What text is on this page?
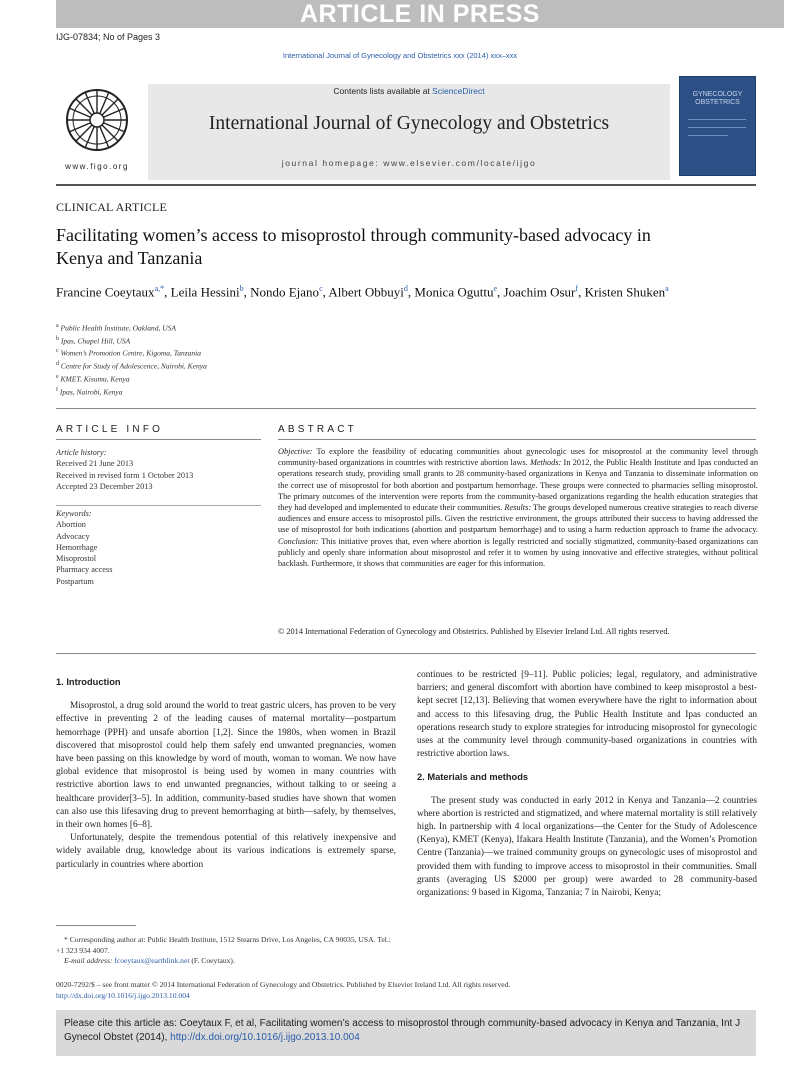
ARTICLE IN PRESS
IJG-07834; No of Pages 3
International Journal of Gynecology and Obstetrics xxx (2014) xxx–xxx
www.figo.org
Contents lists available at ScienceDirect
International Journal of Gynecology and Obstetrics
journal homepage: www.elsevier.com/locate/ijgo
GYNECOLOGY OBSTETRICS
CLINICAL ARTICLE
Facilitating women’s access to misoprostol through community-based advocacy in Kenya and Tanzania
Francine Coeytaux$^{a,*}$, Leila Hessini$^b$, Nondo Ejano$^c$, Albert Obbuyi$^d$, Monica Oguttu$^e$, Joachim Osur$^f$, Kristen Shuken$^a$
$^a$ Public Health Institute, Oakland, USA
$^b$ Ipas, Chapel Hill, USA
$^c$ Women’s Promotion Centre, Kigoma, Tanzania
$^d$ Centre for Study of Adolescence, Nairobi, Kenya
$^e$ KMET, Kisumu, Kenya
$^f$ Ipas, Nairobi, Kenya
ARTICLE INFO	ABSTRACT
Article history:
Received 21 June 2013
Received in revised form 1 October 2013
Accepted 23 December 2013
Keywords:
Abortion
Advocacy
Hemorrhage
Misoprostol
Pharmacy access
Postpartum
Objective: To explore the feasibility of educating communities about gynecologic uses for misoprostol at the community level through community-based organizations in countries with restrictive abortion laws. Methods: In 2012, the Public Health Institute and Ipas conducted an operations research study, providing small grants to 28 community-based organizations in Kenya and Tanzania to disseminate information on the correct use of misoprostol for both abortion and postpartum hemorrhage. These groups were connected to pharmacies selling misoprostol. The primary outcomes of the intervention were reports from the community-based organizations regarding the health education strategies that they had developed and implemented to educate their communities. Results: The groups developed numerous creative strategies to reach diverse audiences and ensure access to misoprostol pills. Given the restrictive environment, the groups attributed their success to having addressed the use of misoprostol for both indications (abortion and postpartum hemorrhage) and to using a harm reduction approach to frame the advocacy. Conclusion: This initiative proves that, even where abortion is legally restricted and socially stigmatized, community-based organizations can publicly and openly share information about misoprostol and refer it to women by using innovative and effective strategies, without political backlash. Furthermore, it shows that communities are eager for this information.
© 2014 International Federation of Gynecology and Obstetrics. Published by Elsevier Ireland Ltd. All rights reserved.
1. Introduction

Misoprostol, a drug sold around the world to treat gastric ulcers, has proven to be very effective in preventing 2 of the leading causes of maternal mortality—postpartum hemorrhage (PPH) and unsafe abortion [1,2]. Since the 1980s, when women in Brazil discovered that misoprostol could help them safely end unwanted pregnancies, women have been passing on this knowledge by word of mouth, woman to woman. We now have global evidence that misoprostol is being used by women in many countries with restrictive abortion laws to end unwanted pregnancies, without talking to or seeing a healthcare provider[3–5]. In addition, community-based studies have shown that women can also use this lifesaving drug to prevent hemorrhaging at birth—safely, by themselves, in their own homes [6–8].

Unfortunately, despite the tremendous potential of this relatively inexpensive and widely available drug, knowledge about its various indications is extremely sparse, particularly in countries where abortion

continues to be restricted [9–11]. Public policies; legal, regulatory, and administrative barriers; and general discomfort with abortion have combined to keep misoprostol a best-kept secret [12,13]. Believing that women everywhere have the right to information about and access to this lifesaving drug, the Public Health Institute and Ipas conducted an operations research study to explore strategies for introducing misoprostol for gynecologic uses at the community level through community-based organizations in countries with restrictive abortion laws.

2. Materials and methods

The present study was conducted in early 2012 in Kenya and Tanzania—2 countries where abortion is restricted and stigmatized, and where maternal mortality is still relatively high. In partnership with 4 local organizations—the Center for the Study of Adolescence (Kenya), KMET (Kenya), Ifakara Health Institute (Tanzania), and the Women’s Promotion Centre (Tanzania)—we trained community groups on gynecologic uses of misoprostol and provided them with funding to improve access to misoprostol in their communities. Small grants (averaging US $2000 per group) were awarded to 28 community-based organizations: 9 based in Kigoma, Tanzania; 7 in Nairobi, Kenya;

* Corresponding author at: Public Health Institute, 1512 Stearns Drive, Los Angeles, CA 90035, USA. Tel.: +1 323 934 4007.
E-mail address: fcoeytaux@earthlink.net (F. Coeytaux).
0020-7292/$ – see front matter © 2014 International Federation of Gynecology and Obstetrics. Published by Elsevier Ireland Ltd. All rights reserved.
http://dx.doi.org/10.1016/j.ijgo.2013.10.004
Please cite this article as: Coeytaux F, et al, Facilitating women’s access to misoprostol through community-based advocacy in Kenya and Tanzania, Int J Gynecol Obstet (2014), http://dx.doi.org/10.1016/j.ijgo.2013.10.004
